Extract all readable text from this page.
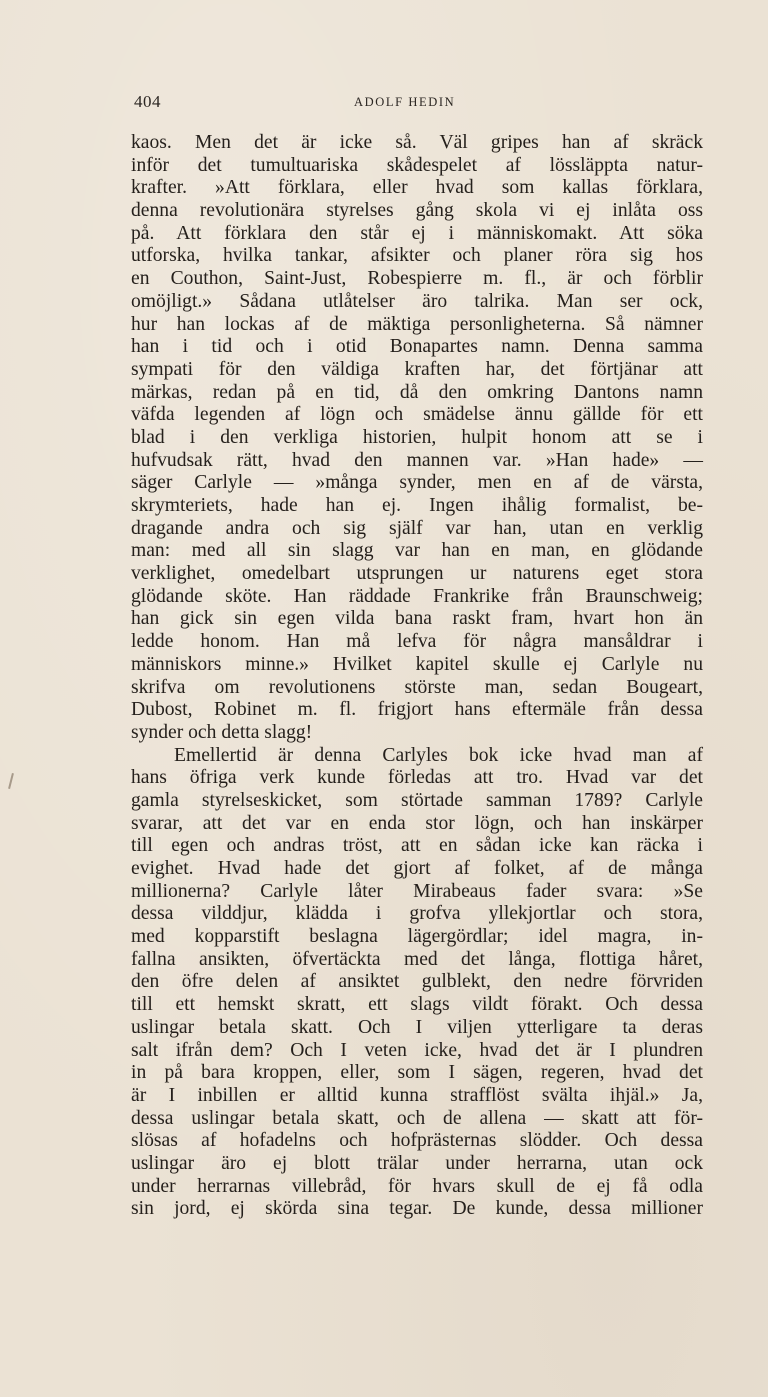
404	ADOLF HEDIN
kaos. Men det är icke så. Väl gripes han af skräck
inför det tumultuariska skådespelet af lössläppta natur-
krafter. »Att förklara, eller hvad som kallas förklara,
denna revolutionära styrelses gång skola vi ej inlåta oss
på. Att förklara den står ej i människomakt. Att söka
utforska, hvilka tankar, afsikter och planer röra sig hos
en Couthon, Saint-Just, Robespierre m. fl., är och förblir
omöjligt.» Sådana utlåtelser äro talrika. Man ser ock,
hur han lockas af de mäktiga personligheterna. Så nämner
han i tid och i otid Bonapartes namn. Denna samma
sympati för den väldiga kraften har, det förtjänar att
märkas, redan på en tid, då den omkring Dantons namn
väfda legenden af lögn och smädelse ännu gällde för ett
blad i den verkliga historien, hulpit honom att se i
hufvudsak rätt, hvad den mannen var. »Han hade» —
säger Carlyle — »många synder, men en af de värsta,
skrymteriets, hade han ej. Ingen ihålig formalist, be-
dragande andra och sig själf var han, utan en verklig
man: med all sin slagg var han en man, en glödande
verklighet, omedelbart utsprungen ur naturens eget stora
glödande sköte. Han räddade Frankrike från Braunschweig;
han gick sin egen vilda bana raskt fram, hvart hon än
ledde honom. Han må lefva för några mansåldrar i
människors minne.» Hvilket kapitel skulle ej Carlyle nu
skrifva om revolutionens störste man, sedan Bougeart,
Dubost, Robinet m. fl. frigjort hans eftermäle från dessa
synder och detta slagg!
Emellertid är denna Carlyles bok icke hvad man af
hans öfriga verk kunde förledas att tro. Hvad var det
gamla styrelseskicket, som störtade samman 1789? Carlyle
svarar, att det var en enda stor lögn, och han inskärper
till egen och andras tröst, att en sådan icke kan räcka i
evighet. Hvad hade det gjort af folket, af de många
millionerna? Carlyle låter Mirabeaus fader svara: »Se
dessa vilddjur, klädda i grofva yllekjortlar och stora,
med kopparstift beslagna lägergördlar; idel magra, in-
fallna ansikten, öfvertäckta med det långa, flottiga håret,
den öfre delen af ansiktet gulblekt, den nedre förvriden
till ett hemskt skratt, ett slags vildt förakt. Och dessa
uslingar betala skatt. Och I viljen ytterligare ta deras
salt ifrån dem? Och I veten icke, hvad det är I plundren
in på bara kroppen, eller, som I sägen, regeren, hvad det
är I inbillen er alltid kunna strafflöst svälta ihjäl.» Ja,
dessa uslingar betala skatt, och de allena — skatt att för-
slösas af hofadelns och hofprästernas slödder. Och dessa
uslingar äro ej blott trälar under herrarna, utan ock
under herrarnas villebråd, för hvars skull de ej få odla
sin jord, ej skörda sina tegar. De kunde, dessa millioner
